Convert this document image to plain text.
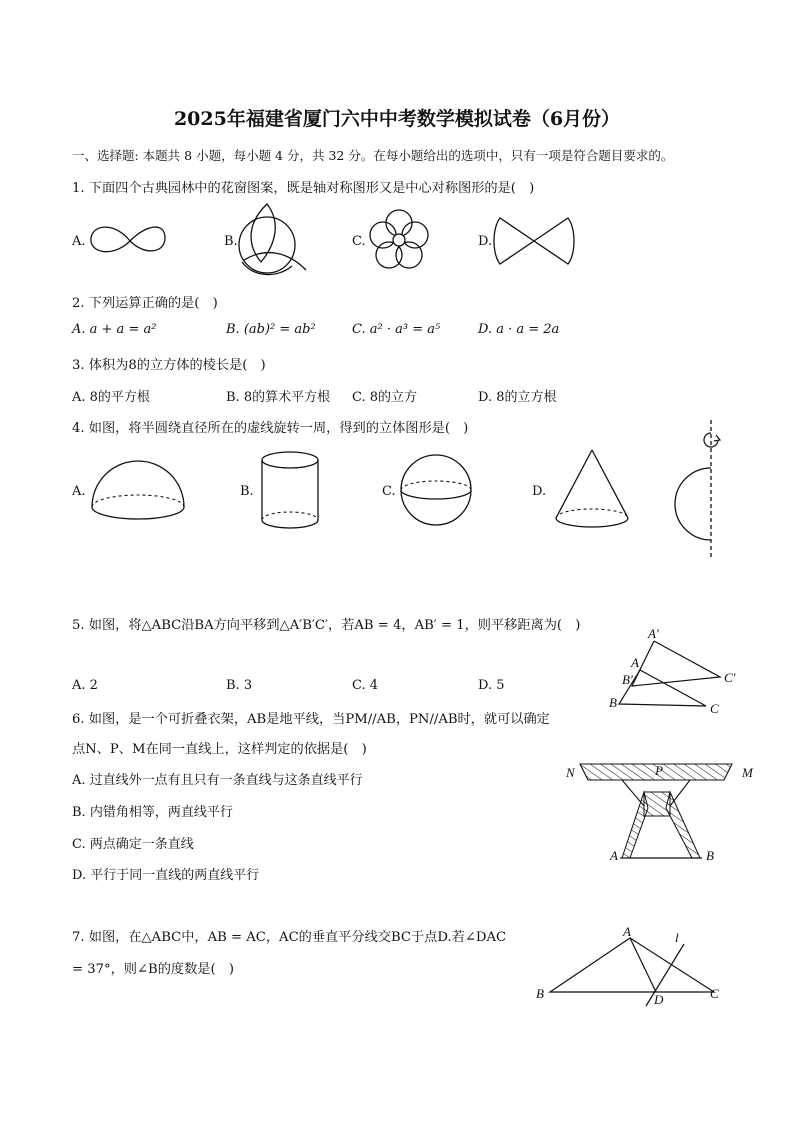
2025年福建省厦门六中中考数学模拟试卷（6月份）
一、选择题: 本题共 8 小题，每小题 4 分，共 32 分。在每小题给出的选项中，只有一项是符合题目要求的。
1. 下面四个古典园林中的花窗图案，既是轴对称图形又是中心对称图形的是(　)
A.	B.	C.	D.
2. 下列运算正确的是(　)
A. a + a = a²	B. (ab)² = ab²	C. a² · a³ = a⁵	D. a · a = 2a
3. 体积为8的立方体的棱长是(　)
A. 8的平方根	B. 8的算术平方根 C. 8的立方	D. 8的立方根
4. 如图，将半圆绕直径所在的虚线旋转一周，得到的立体图形是(　)
A.	B.	C.	D.
5. 如图，将△ABC沿BA方向平移到△A′B′C′，若AB = 4，AB′ = 1，则平移距离为(　)
A. 2	B. 3	C. 4	D. 5
A′
A
B′
B
C′
C
6. 如图，是一个可折叠衣架，AB是地平线，当PM//AB，PN//AB时，就可以确定
点N、P、M在同一直线上，这样判定的依据是(　)
A. 过直线外一点有且只有一条直线与这条直线平行
B. 内错角相等，两直线平行
C. 两点确定一条直线
D. 平行于同一直线的两直线平行
N	P	M
A	B
7. 如图，在△ABC中，AB = AC，AC的垂直平分线交BC于点D.若∠DAC
= 37°，则∠B的度数是(　)
A	l
B	D	C
